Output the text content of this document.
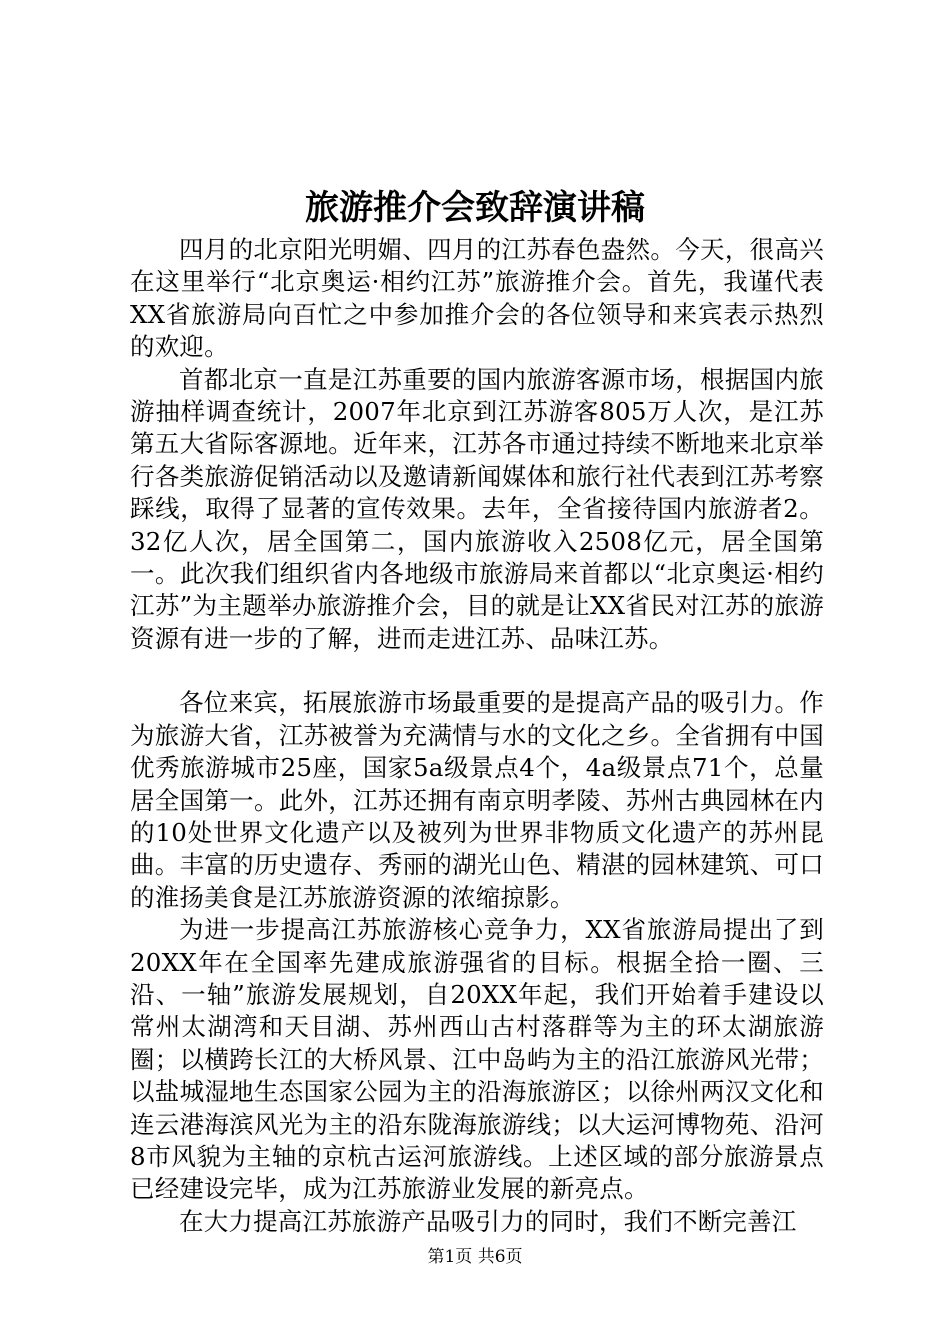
旅游推介会致辞演讲稿

四月的北京阳光明媚、四月的江苏春色盎然。今天，很高兴在这里举行“北京奥运·相约江苏”旅游推介会。首先，我谨代表XX省旅游局向百忙之中参加推介会的各位领导和来宾表示热烈的欢迎。

首都北京一直是江苏重要的国内旅游客源市场，根据国内旅游抽样调查统计，2007年北京到江苏游客805万人次，是江苏第五大省际客源地。近年来，江苏各市通过持续不断地来北京举行各类旅游促销活动以及邀请新闻媒体和旅行社代表到江苏考察踩线，取得了显著的宣传效果。去年，全省接待国内旅游者2。32亿人次，居全国第二，国内旅游收入2508亿元，居全国第一。此次我们组织省内各地级市旅游局来首都以“北京奥运·相约江苏”为主题举办旅游推介会，目的就是让XX省民对江苏的旅游资源有进一步的了解，进而走进江苏、品味江苏。

各位来宾，拓展旅游市场最重要的是提高产品的吸引力。作为旅游大省，江苏被誉为充满情与水的文化之乡。全省拥有中国优秀旅游城市25座，国家5a级景点4个，4a级景点71个，总量居全国第一。此外，江苏还拥有南京明孝陵、苏州古典园林在内的10处世界文化遗产以及被列为世界非物质文化遗产的苏州昆曲。丰富的历史遗存、秀丽的湖光山色、精湛的园林建筑、可口的淮扬美食是江苏旅游资源的浓缩掠影。

为进一步提高江苏旅游核心竞争力，XX省旅游局提出了到20XX年在全国率先建成旅游强省的目标。根据全拾一圈、三沿、一轴”旅游发展规划，自20XX年起，我们开始着手建设以常州太湖湾和天目湖、苏州西山古村落群等为主的环太湖旅游圈；以横跨长江的大桥风景、江中岛屿为主的沿江旅游风光带；以盐城湿地生态国家公园为主的沿海旅游区；以徐州两汉文化和连云港海滨风光为主的沿东陇海旅游线；以大运河博物苑、沿河8市风貌为主轴的京杭古运河旅游线。上述区域的部分旅游景点已经建设完毕，成为江苏旅游业发展的新亮点。

在大力提高江苏旅游产品吸引力的同时，我们不断完善江

第1页 共6页
